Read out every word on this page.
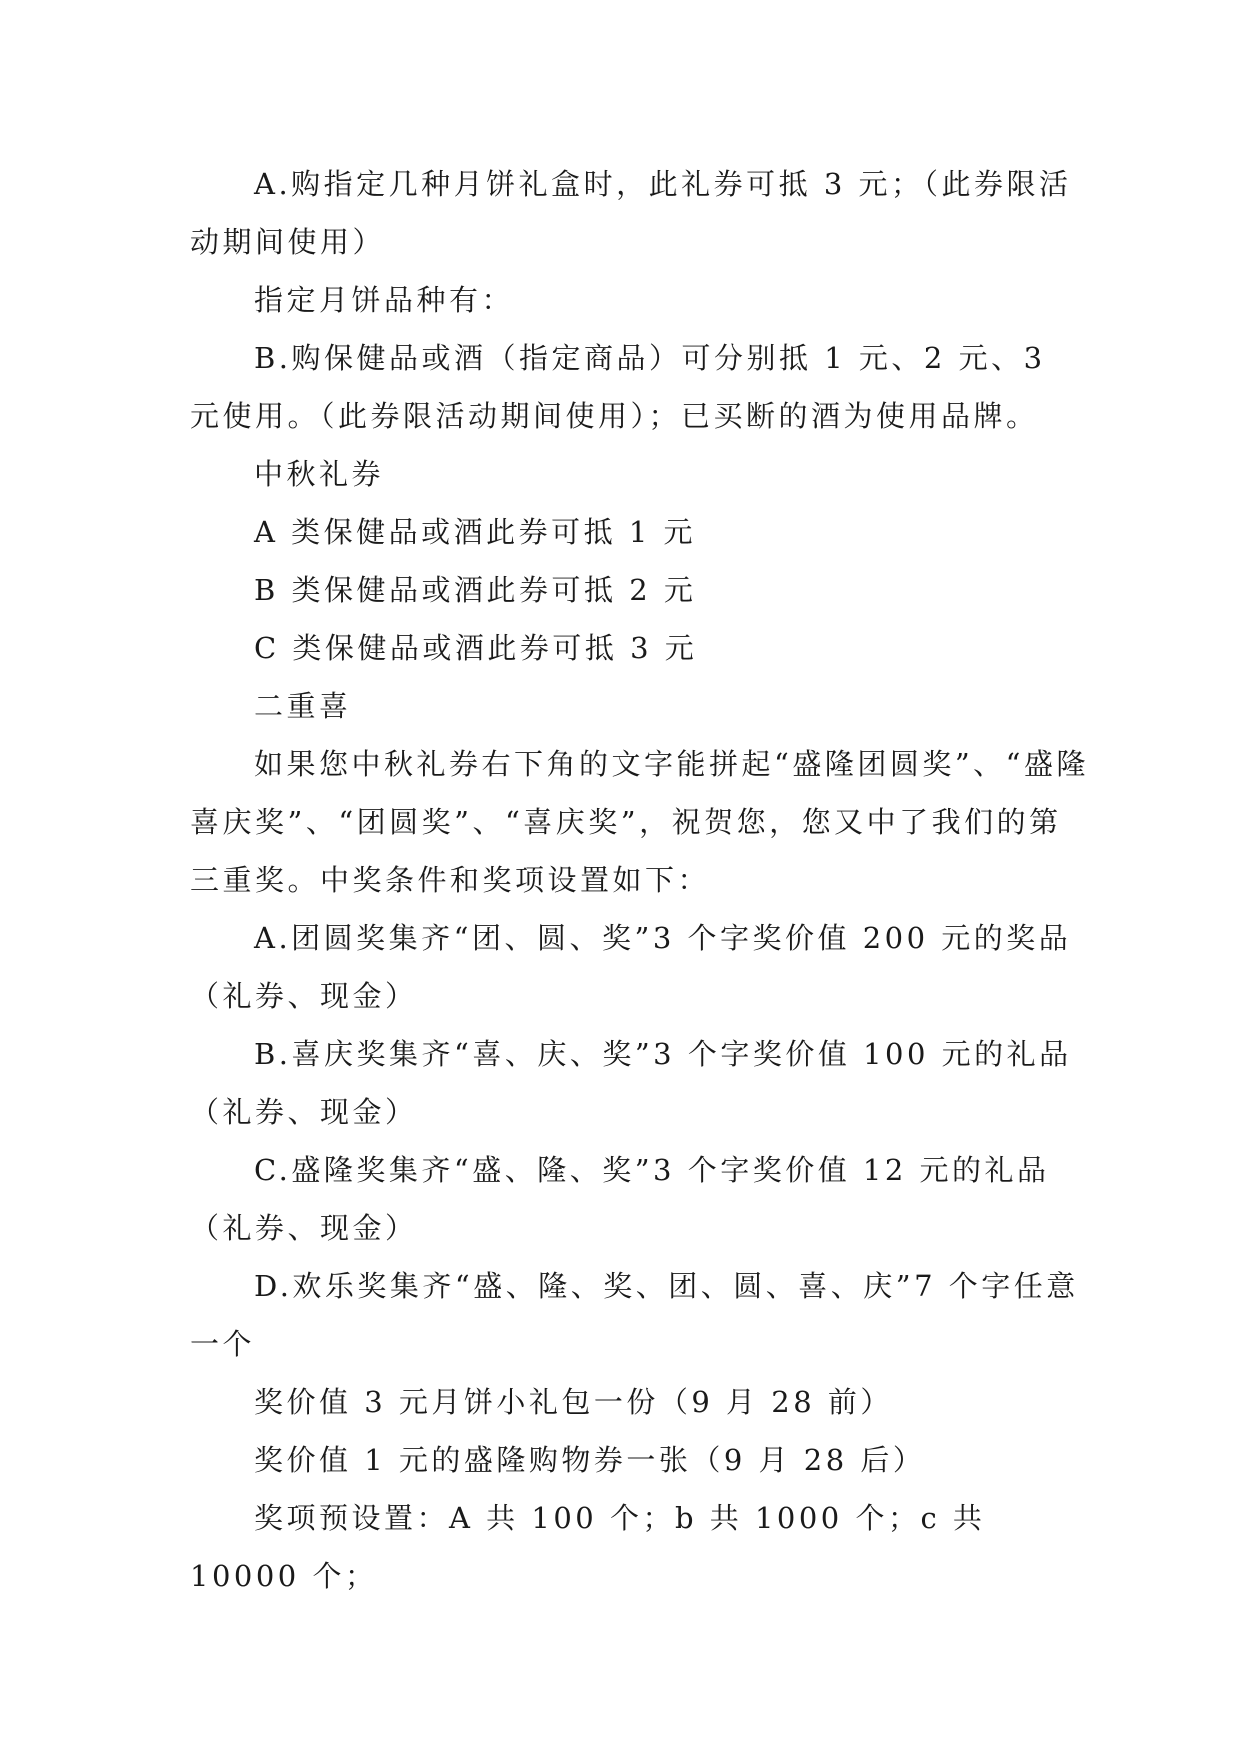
A.购指定几种月饼礼盒时，此礼券可抵 3 元；（此券限活动期间使用）

指定月饼品种有：

B.购保健品或酒（指定商品）可分别抵 1 元、2 元、3 元使用。（此券限活动期间使用）；已买断的酒为使用品牌。

中秋礼券

A 类保健品或酒此券可抵 1 元

B 类保健品或酒此券可抵 2 元

C 类保健品或酒此券可抵 3 元

二重喜

如果您中秋礼券右下角的文字能拼起“盛隆团圆奖”、“盛隆喜庆奖”、“团圆奖”、“喜庆奖”，祝贺您，您又中了我们的第三重奖。中奖条件和奖项设置如下：

A.团圆奖集齐“团、圆、奖”3 个字奖价值 200 元的奖品（礼券、现金）

B.喜庆奖集齐“喜、庆、奖”3 个字奖价值 100 元的礼品（礼券、现金）

C.盛隆奖集齐“盛、隆、奖”3 个字奖价值 12 元的礼品（礼券、现金）

D.欢乐奖集齐“盛、隆、奖、团、圆、喜、庆”7 个字任意一个

奖价值 3 元月饼小礼包一份（9 月 28 前）

奖价值 1 元的盛隆购物券一张（9 月 28 后）

奖项预设置：A 共 100 个；b 共 1000 个；c 共 10000 个；
